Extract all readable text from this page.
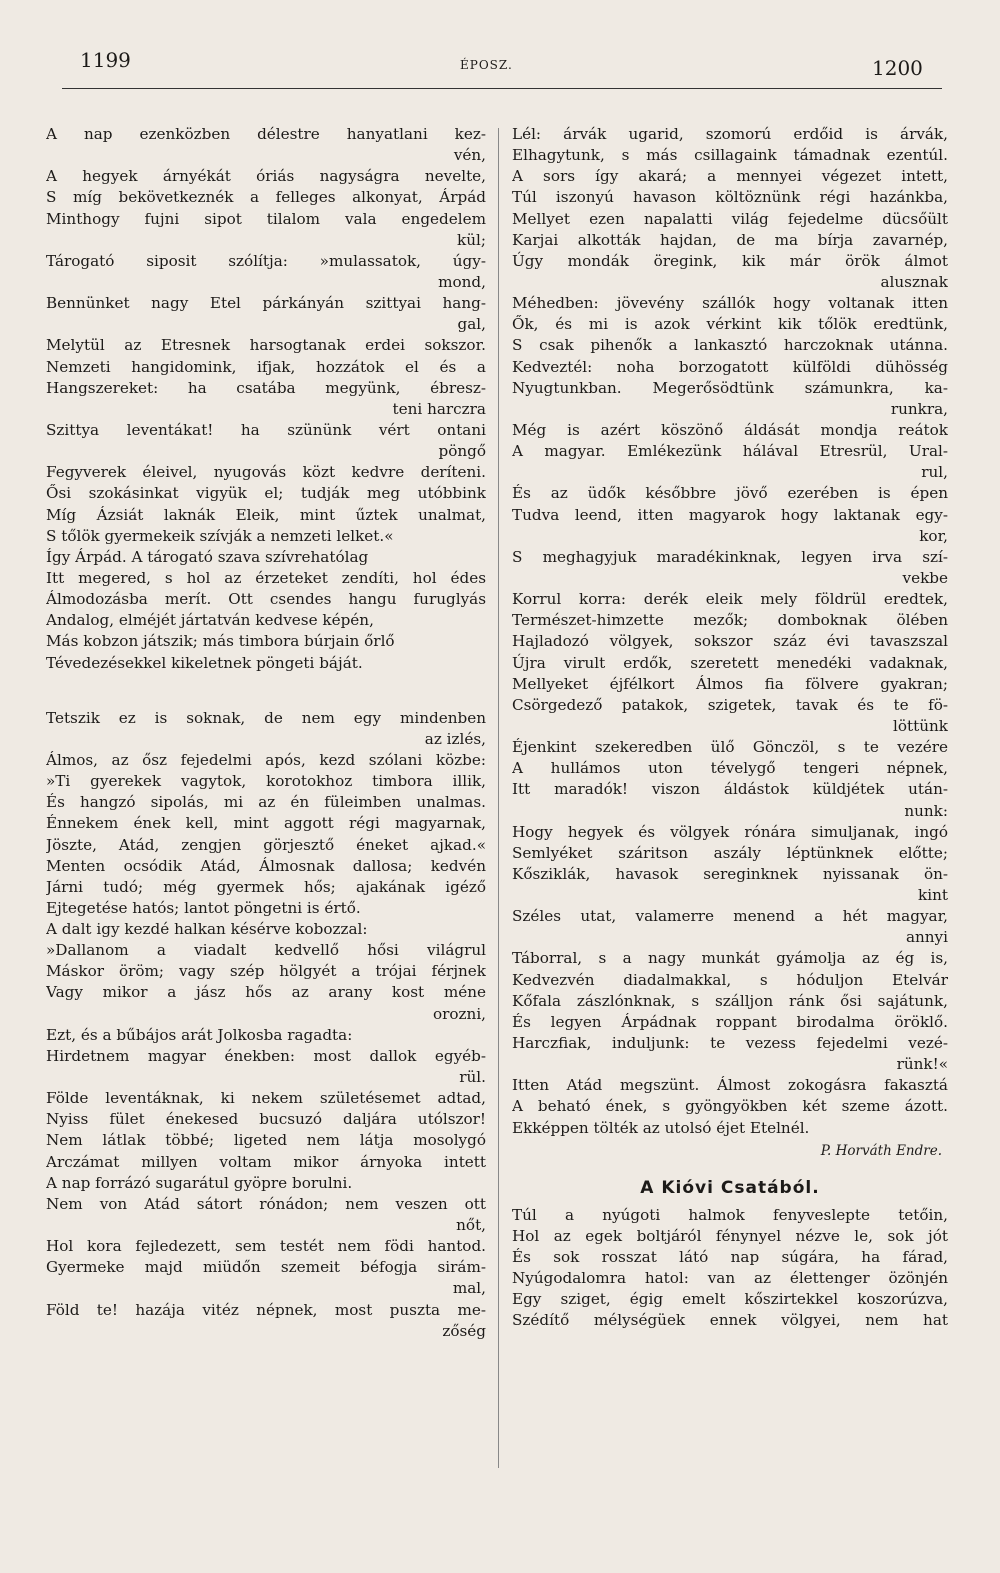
1199	ÉPOSZ.	1200
A nap ezenközben délestre hanyatlani kez-
vén,
A hegyek árnyékát óriás nagyságra nevelte,
S míg bekövetkeznék a felleges alkonyat, Árpád
Minthogy fujni sipot tilalom vala engedelem
kül;
Tárogató siposit szólítja: »mulassatok, úgy-
mond,
Bennünket nagy Etel párkányán szittyai hang-
gal,
Melytül az Etresnek harsogtanak erdei sokszor.
Nemzeti hangidomink, ifjak, hozzátok el és a
Hangszereket: ha csatába megyünk, ébresz-
teni harczra
Szittya leventákat! ha szününk vért ontani
pöngő
Fegyverek éleivel, nyugovás közt kedvre deríteni.
Ősi szokásinkat vigyük el; tudják meg utóbbink
Míg Ázsiát laknák Eleik, mint űztek unalmat,
S tőlök gyermekeik szívják a nemzeti lelket.«
Így Árpád. A tárogató szava szívrehatólag
Itt megered, s hol az érzeteket zendíti, hol édes
Álmodozásba merít. Ott csendes hangu furuglyás
Andalog, elméjét jártatván kedvese képén,
Más kobzon játszik; más timbora búrjain őrlő
Tévedezésekkel kikeletnek pöngeti báját.
Tetszik ez is soknak, de nem egy mindenben
az izlés,
Álmos, az ősz fejedelmi após, kezd szólani közbe:
»Ti gyerekek vagytok, korotokhoz timbora illik,
És hangzó sipolás, mi az én füleimben unalmas.
Énnekem ének kell, mint aggott régi magyarnak,
Jöszte, Atád, zengjen görjesztő éneket ajkad.«
Menten ocsódik Atád, Álmosnak dallosa; kedvén
Járni tudó; még gyermek hős; ajakának igéző
Ejtegetése hatós; lantot pöngetni is értő.
A dalt igy kezdé halkan késérve kobozzal:
»Dallanom a viadalt kedvellő hősi világrul
Máskor öröm; vagy szép hölgyét a trójai férjnek
Vagy mikor a jász hős az arany kost méne
orozni,
Ezt, és a bűbájos arát Jolkosba ragadta:
Hirdetnem magyar énekben: most dallok egyéb-
rül.
Földe leventáknak, ki nekem születésemet adtad,
Nyiss fület énekesed bucsuzó daljára utólszor!
Nem látlak többé; ligeted nem látja mosolygó
Arczámat millyen voltam mikor árnyoka intett
A nap forrázó sugarátul gyöpre borulni.
Nem von Atád sátort rónádon; nem veszen ott
nőt,
Hol kora fejledezett, sem testét nem födi hantod.
Gyermeke majd miüdőn szemeit béfogja sirám-
mal,
Föld te! hazája vitéz népnek, most puszta me-
zőség
Lél: árvák ugarid, szomorú erdőid is árvák,
Elhagytunk, s más csillagaink támadnak ezentúl.
A sors így akará; a mennyei végezet intett,
Túl iszonyú havason költöznünk régi hazánkba,
Mellyet ezen napalatti világ fejedelme dücsőült
Karjai alkották hajdan, de ma bírja zavarnép,
Úgy mondák öregink, kik már örök álmot
alusznak
Méhedben: jövevény szállók hogy voltanak itten
Ők, és mi is azok vérkint kik tőlök eredtünk,
S csak pihenők a lankasztó harczoknak utánna.
Kedveztél: noha borzogatott külföldi dühösség
Nyugtunkban. Megerősödtünk számunkra, ka-
runkra,
Még is azért köszönő áldását mondja reátok
A magyar. Emlékezünk hálával Etresrül, Ural-
rul,
És az üdők későbbre jövő ezerében is épen
Tudva leend, itten magyarok hogy laktanak egy-
kor,
S meghagyjuk maradékinknak, legyen irva szí-
vekbe
Korrul korra: derék eleik mely földrül eredtek,
Természet-himzette mezők; domboknak ölében
Hajladozó völgyek, sokszor száz évi tavaszszal
Újra virult erdők, szeretett menedéki vadaknak,
Mellyeket éjfélkort Álmos fia fölvere gyakran;
Csörgedező patakok, szigetek, tavak és te fö-
löttünk
Éjenkint szekeredben ülő Gönczöl, s te vezére
A hullámos uton tévelygő tengeri népnek,
Itt maradók! viszon áldástok küldjétek után-
nunk:
Hogy hegyek és völgyek rónára simuljanak, ingó
Semlyéket száritson aszály léptünknek előtte;
Kősziklák, havasok sereginknek nyissanak ön-
kint
Széles utat, valamerre menend a hét magyar,
annyi
Táborral, s a nagy munkát gyámolja az ég is,
Kedvezvén diadalmakkal, s hóduljon Etelvár
Kőfala zászlónknak, s szálljon ránk ősi sajátunk,
És legyen Árpádnak roppant birodalma öröklő.
Harczfiak, induljunk: te vezess fejedelmi vezé-
rünk!«
Itten Atád megszünt. Álmost zokogásra fakasztá
A beható ének, s gyöngyökben két szeme ázott.
Ekképpen tölték az utolsó éjet Etelnél.
P. Horváth Endre.
A Kióvi Csatából.
Túl a nyúgoti halmok fenyveslepte tetőin,
Hol az egek boltjáról fénynyel nézve le, sok jót
És sok rosszat látó nap súgára, ha fárad,
Nyúgodalomra hatol: van az élettenger özönjén
Egy sziget, égig emelt kőszirtekkel koszorúzva,
Szédítő mélységüek ennek völgyei, nem hat
